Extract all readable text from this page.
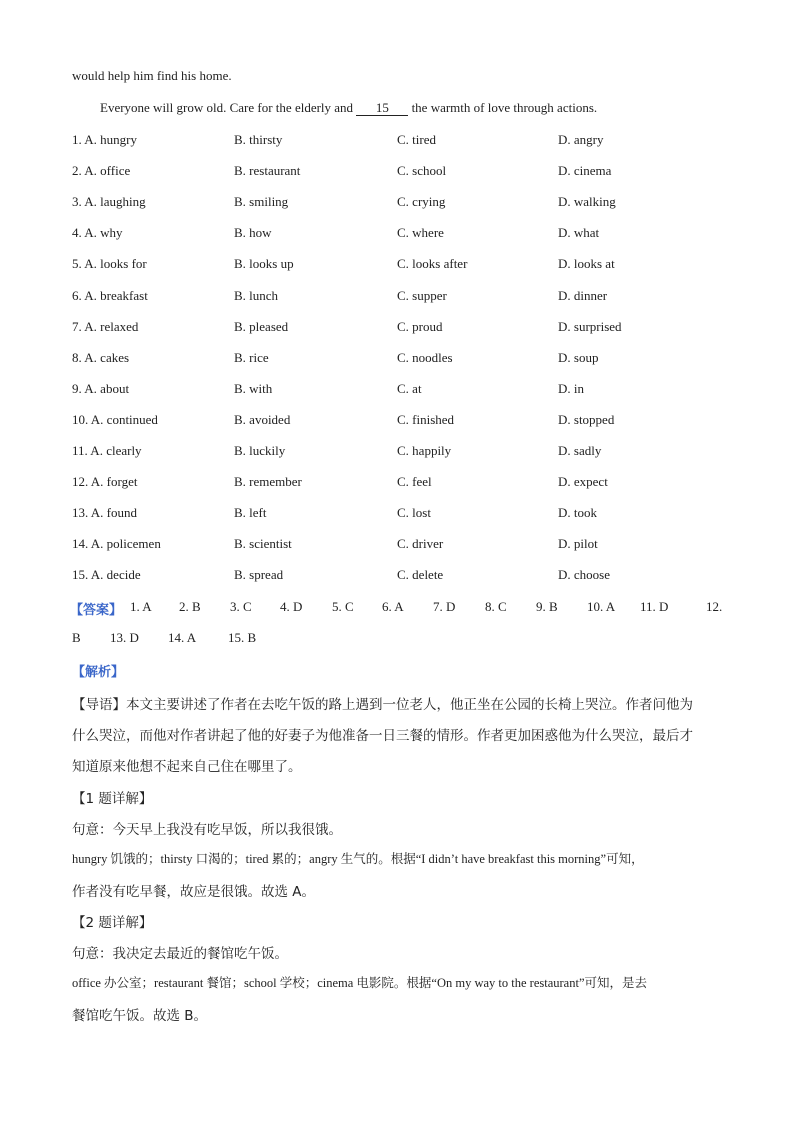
would help him find his home.
Everyone will grow old. Care for the elderly and 15 the warmth of love through actions.
1. A. hungry	B. thirsty	C. tired	D. angry
2. A. office	B. restaurant	C. school	D. cinema
3. A. laughing	B. smiling	C. crying	D. walking
4. A. why	B. how	C. where	D. what
5. A. looks for	B. looks up	C. looks after	D. looks at
6. A. breakfast	B. lunch	C. supper	D. dinner
7. A. relaxed	B. pleased	C. proud	D. surprised
8. A. cakes	B. rice	C. noodles	D. soup
9. A. about	B. with	C. at	D. in
10. A. continued	B. avoided	C. finished	D. stopped
11. A. clearly	B. luckily	C. happily	D. sadly
12. A. forget	B. remember	C. feel	D. expect
13. A. found	B. left	C. lost	D. took
14. A. policemen	B. scientist	C. driver	D. pilot
15. A. decide	B. spread	C. delete	D. choose
【答案】 1. A 2. B 3. C 4. D 5. C 6. A 7. D 8. C 9. B 10. A 11. D	12.
B 13. D 14. A 15. B
【解析】
【导语】本文主要讲述了作者在去吃午饭的路上遇到一位老人，他正坐在公园的长椅上哭泣。作者问他为
什么哭泣，而他对作者讲起了他的好妻子为他准备一日三餐的情形。作者更加困惑他为什么哭泣，最后才
知道原来他想不起来自己住在哪里了。
【1 题详解】
句意：今天早上我没有吃早饭，所以我很饿。
hungry 饥饿的；thirsty 口渴的；tired 累的；angry 生气的。根据“I didn’t have breakfast this morning”可知，
作者没有吃早餐，故应是很饿。故选 A。
【2 题详解】
句意：我决定去最近的餐馆吃午饭。
office 办公室；restaurant 餐馆；school 学校；cinema 电影院。根据“On my way to the restaurant”可知，是去
餐馆吃午饭。故选 B。
